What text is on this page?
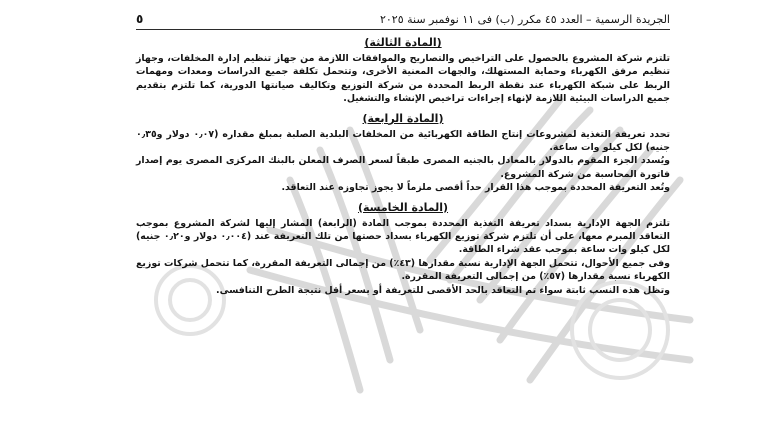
الجريدة الرسمية – العدد ٤٥ مكرر (ب) فى ١١ نوفمبر سنة ٢٠٢٥
٥
(المادة الثالثة)

تلتزم شركة المشروع بالحصول على التراخيص والتصاريح والموافقات اللازمة من جهاز تنظيم إدارة المخلفات، وجهاز تنظيم مرفق الكهرباء وحماية المستهلك، والجهات المعنية الأخرى، وتتحمل تكلفة جميع الدراسات ومعدات ومهمات الربط على شبكة الكهرباء عند نقطة الربط المحددة من شركة التوزيع وتكاليف صيانتها الدورية، كما تلتزم بتقديم جميع الدراسات البيئية اللازمة لإنهاء إجراءات تراخيص الإنشاء والتشغيل.

(المادة الرابعة)

تحدد تعريفة التغذية لمشروعات إنتاج الطاقة الكهربائية من المخلفات البلدية الصلبة بمبلغ مقداره (٠٫٠٧ دولار و٠٫٣٥ جنيه) لكل كيلو وات ساعة.

ويُسدد الجزء المقوم بالدولار بالمعادل بالجنيه المصرى طبقاً لسعر الصرف المعلن بالبنك المركزى المصرى يوم إصدار فاتورة المحاسبة من شركة المشروع.

وتُعد التعريفة المحددة بموجب هذا القرار حداً أقصى ملزماً لا يجوز تجاوزه عند التعاقد.

(المادة الخامسة)

تلتزم الجهة الإدارية بسداد تعريفة التغذية المحددة بموجب المادة (الرابعة) المشار إليها لشركة المشروع بموجب التعاقد المبرم معها، على أن تلتزم شركة توزيع الكهرباء بسداد حصتها من تلك التعريفة عند (٠٫٠٠٤ دولار و٠٫٢٠ جنيه) لكل كيلو وات ساعة بموجب عقد شراء الطاقة.

وفى جميع الأحوال، تتحمل الجهة الإدارية نسبة مقدارها (٤٣٪) من إجمالى التعريفة المقررة، كما تتحمل شركات توزيع الكهرباء نسبة مقدارها (٥٧٪) من إجمالى التعريفة المقررة.

وتظل هذه النسب ثابتة سواء تم التعاقد بالحد الأقصى للتعريفة أو بسعر أقل نتيجة الطرح التنافسى.
